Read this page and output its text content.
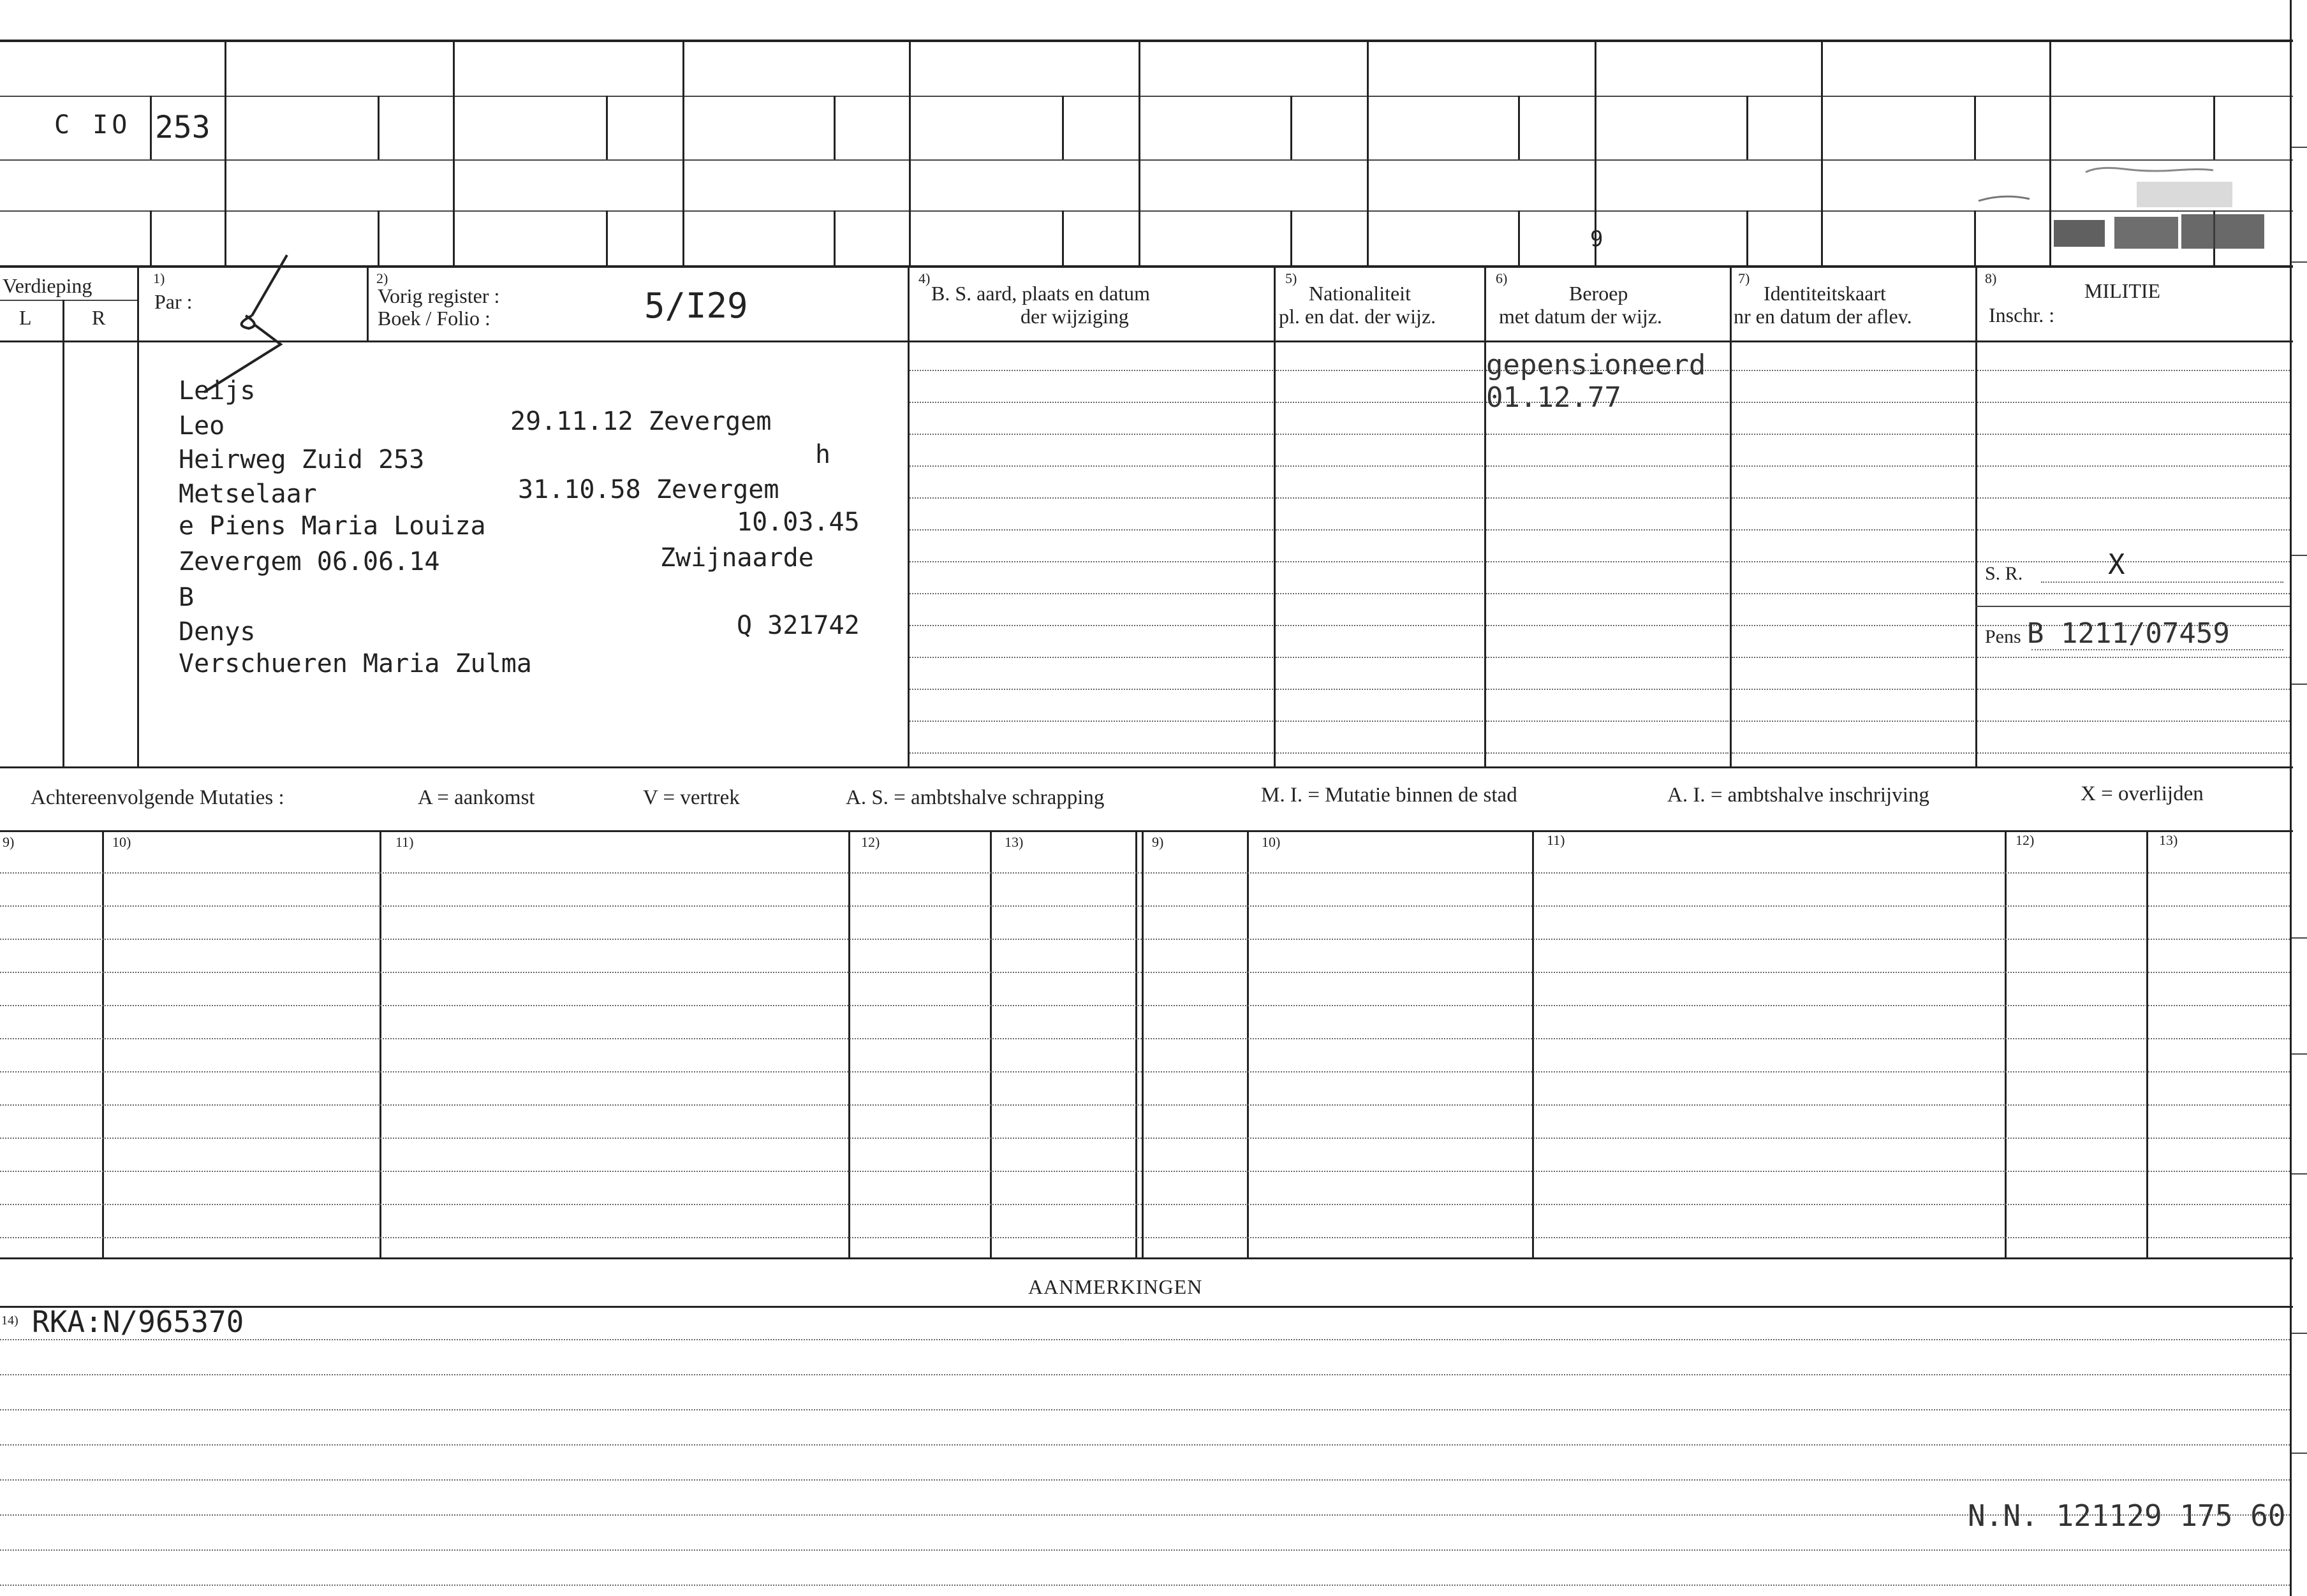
C IO 253
9
Verdieping
L	R
1)
Par :
2)
Vorig register :
Boek / Folio :	5/I29
4)
B. S. aard, plaats en datum
der wijziging
5)
Nationaliteit
pl. en dat. der wijz.
6)
Beroep
met datum der wijz.
7)
Identiteitskaart
nr en datum der aflev.
8)
MILITIE
Inschr. :
Leijs
Leo	29.11.12 Zevergem
Heirweg Zuid 253	h
Metselaar	31.10.58 Zevergem
e Piens Maria Louiza	10.03.45
Zevergem 06.06.14	Zwijnaarde
B
Denys	Q 321742
Verschueren Maria Zulma
gepensioneerd
01.12.77
S. R.	X
Pens B 1211/07459
Achtereenvolgende Mutaties :	A = aankomst	V = vertrek	A. S. = ambtshalve schrapping	M. I. = Mutatie binnen de stad	A. I. = ambtshalve inschrijving	X = overlijden
9)	10)	11)	12)	13)	9)	10)	11)	12)	13)
AANMERKINGEN
14) RKA:N/965370
N.N. 121129 175 60
